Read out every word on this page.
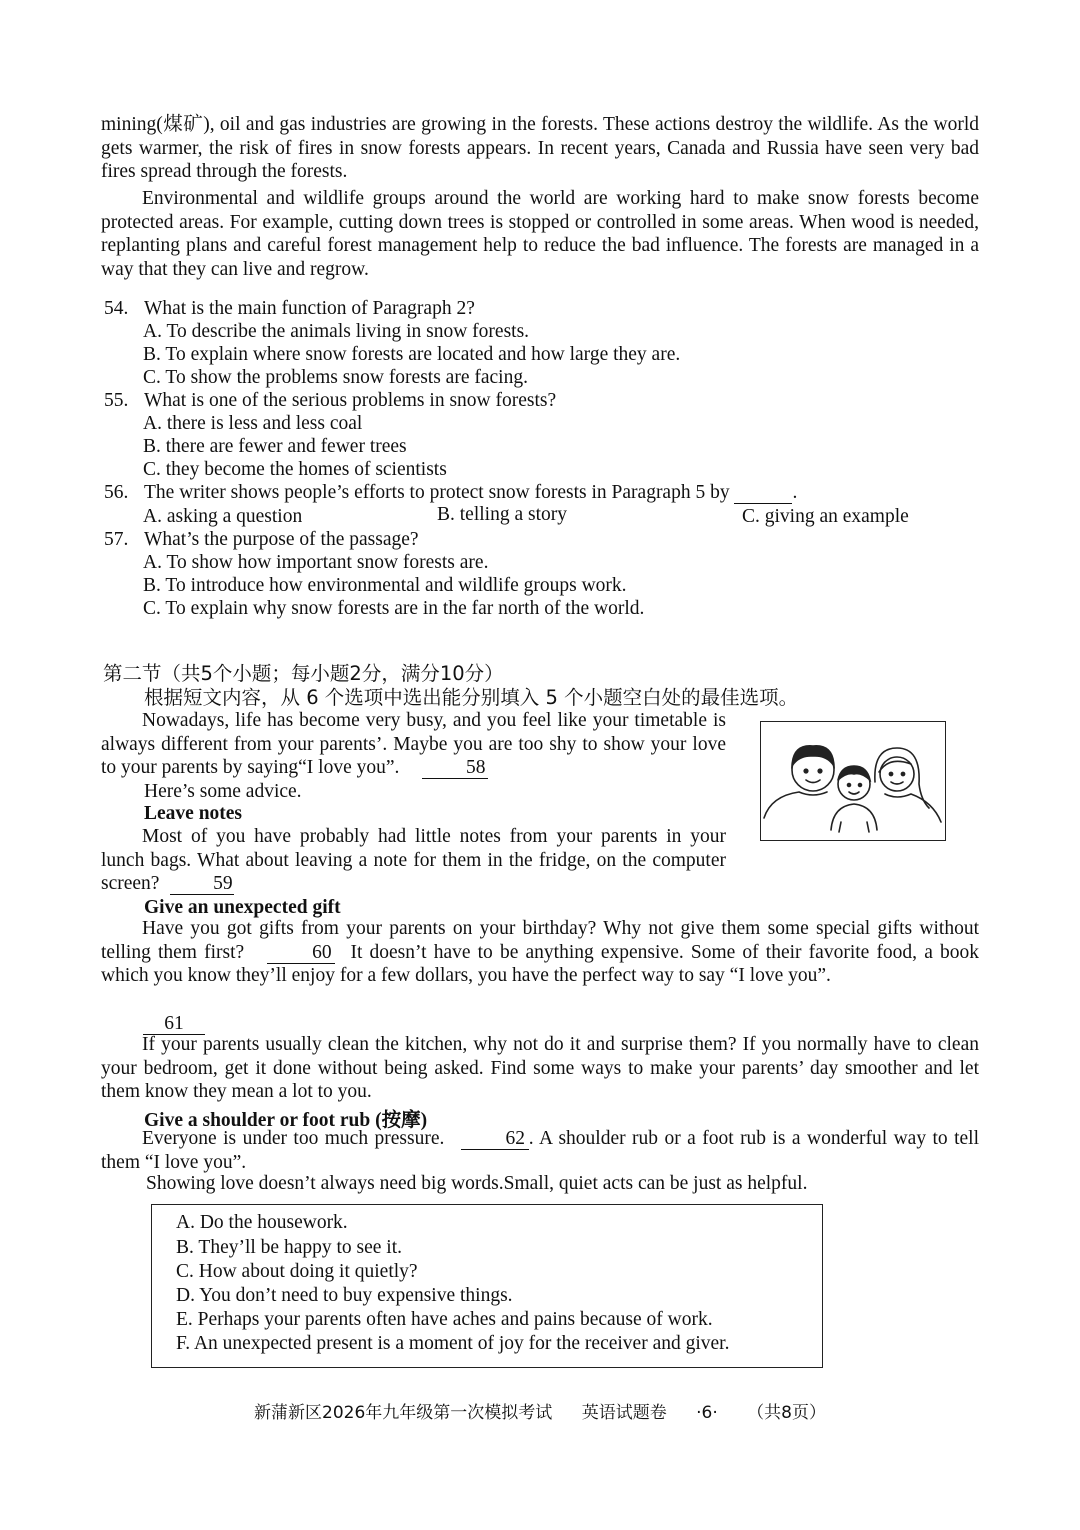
mining(煤矿), oil and gas industries are growing in the forests. These actions destroy the wildlife. As the world gets warmer, the risk of fires in snow forests appears. In recent years, Canada and Russia have seen very bad fires spread through the forests.

Environmental and wildlife groups around the world are working hard to make snow forests become protected areas. For example, cutting down trees is stopped or controlled in some areas. When wood is needed, replanting plans and careful forest management help to reduce the bad influence. The forests are managed in a way that they can live and regrow.

54. What is the main function of Paragraph 2?
A. To describe the animals living in snow forests.
B. To explain where snow forests are located and how large they are.
C. To show the problems snow forests are facing.
55. What is one of the serious problems in snow forests?
A. there is less and less coal
B. there are fewer and fewer trees
C. they become the homes of scientists
56. The writer shows people’s efforts to protect snow forests in Paragraph 5 by	.
A. asking a question	B. telling a story	C. giving an example
57. What’s the purpose of the passage?
A. To show how important snow forests are.
B. To introduce how environmental and wildlife groups work.
C. To explain why snow forests are in the far north of the world.
第二节（共5个小题；每小题2分，满分10分）
根据短文内容，从 6 个选项中选出能分别填入 5 个小题空白处的最佳选项。

Nowadays, life has become very busy, and you feel like your timetable is always different from your parents’. Maybe you are too shy to show your love to your parents by saying“I love you”.	58

Here’s some advice.
Leave notes

Most of you have probably had little notes from your parents in your lunch bags. What about leaving a note for them in the fridge, on the computer screen?	59

Give an unexpected gift

Have you got gifts from your parents on your birthday? Why not give them some special gifts without telling them first?	60 It doesn’t have to be anything expensive. Some of their favorite food, a book which you know they’ll enjoy for a few dollars, you have the perfect way to say “I love you”.

61

If your parents usually clean the kitchen, why not do it and surprise them? If you normally have to clean your bedroom, get it done without being asked. Find some ways to make your parents’ day smoother and let them know they mean a lot to you.

Give a shoulder or foot rub (按摩)

Everyone is under too much pressure.	62 . A shoulder rub or a foot rub is a wonderful way to tell them “I love you”.

Showing love doesn’t always need big words.Small, quiet acts can be just as helpful.
A. Do the housework.
B. They’ll be happy to see it.
C. How about doing it quietly?
D. You don’t need to buy expensive things.
E. Perhaps your parents often have aches and pains because of work.
F. An unexpected present is a moment of joy for the receiver and giver.
新蒲新区2026年九年级第一次模拟考试 英语试题卷 ·6· （共8页）
